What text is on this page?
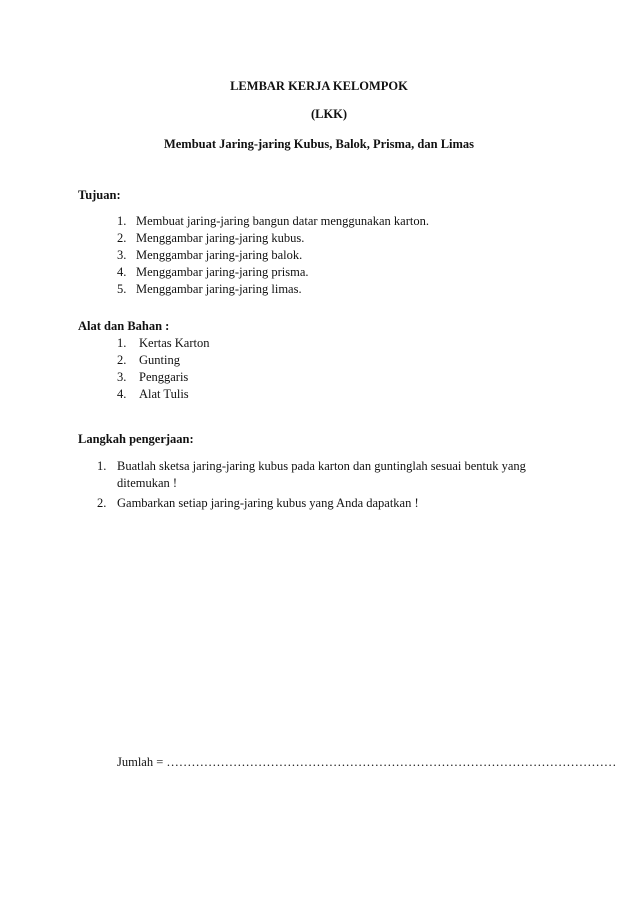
LEMBAR KERJA KELOMPOK
(LKK)
Membuat Jaring-jaring Kubus, Balok, Prisma, dan Limas
Tujuan:
1. Membuat jaring-jaring bangun datar menggunakan karton.
2. Menggambar jaring-jaring kubus.
3. Menggambar jaring-jaring balok.
4. Menggambar jaring-jaring prisma.
5. Menggambar jaring-jaring limas.
Alat dan Bahan :
1. Kertas Karton
2. Gunting
3. Penggaris
4. Alat Tulis
Langkah pengerjaan:
1. Buatlah sketsa jaring-jaring kubus pada karton dan guntinglah sesuai bentuk yang
ditemukan !
2. Gambarkan setiap jaring-jaring kubus yang Anda dapatkan !
Jumlah = ………………………………………………………………………………………………
